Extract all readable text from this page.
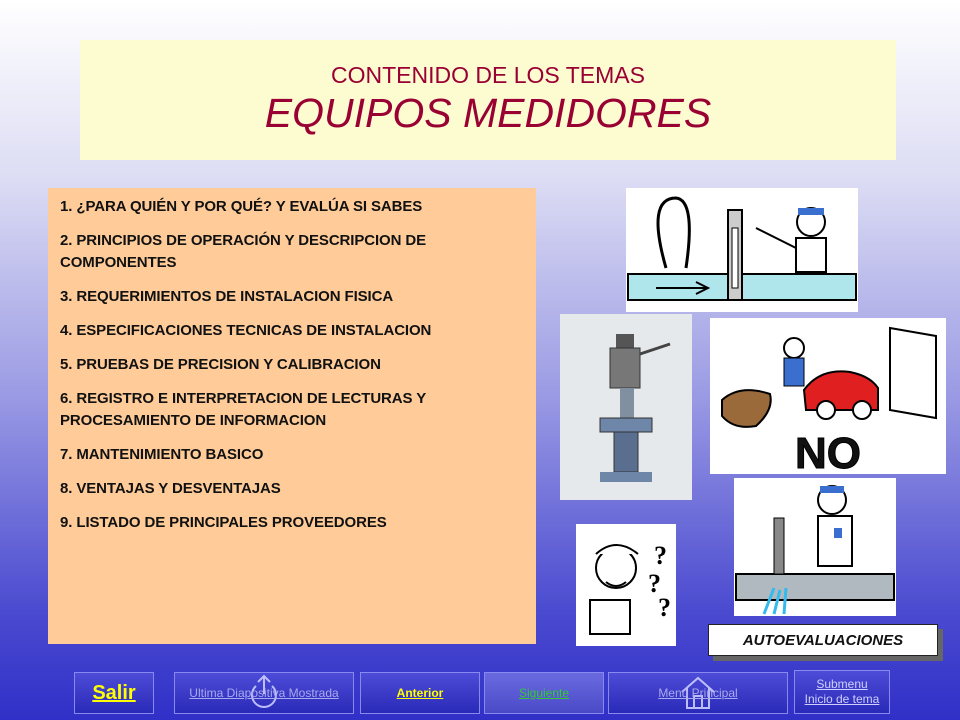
CONTENIDO DE LOS TEMAS
EQUIPOS MEDIDORES
1. ¿PARA QUIÉN Y POR QUÉ? Y EVALÚA SI SABES
2. PRINCIPIOS DE OPERACIÓN Y DESCRIPCION DE COMPONENTES
3. REQUERIMIENTOS DE INSTALACION FISICA
4. ESPECIFICACIONES TECNICAS DE INSTALACION
5. PRUEBAS DE PRECISION Y CALIBRACION
6. REGISTRO E INTERPRETACION DE LECTURAS Y PROCESAMIENTO DE INFORMACION
7. MANTENIMIENTO BASICO
8. VENTAJAS Y DESVENTAJAS
9. LISTADO DE PRINCIPALES PROVEEDORES
NO
?
?
?
AUTOEVALUACIONES
Salir	Ultima Diapositiva Mostrada	Anterior	Siguiente	Menú Principal
Submenu
Inicio de tema
